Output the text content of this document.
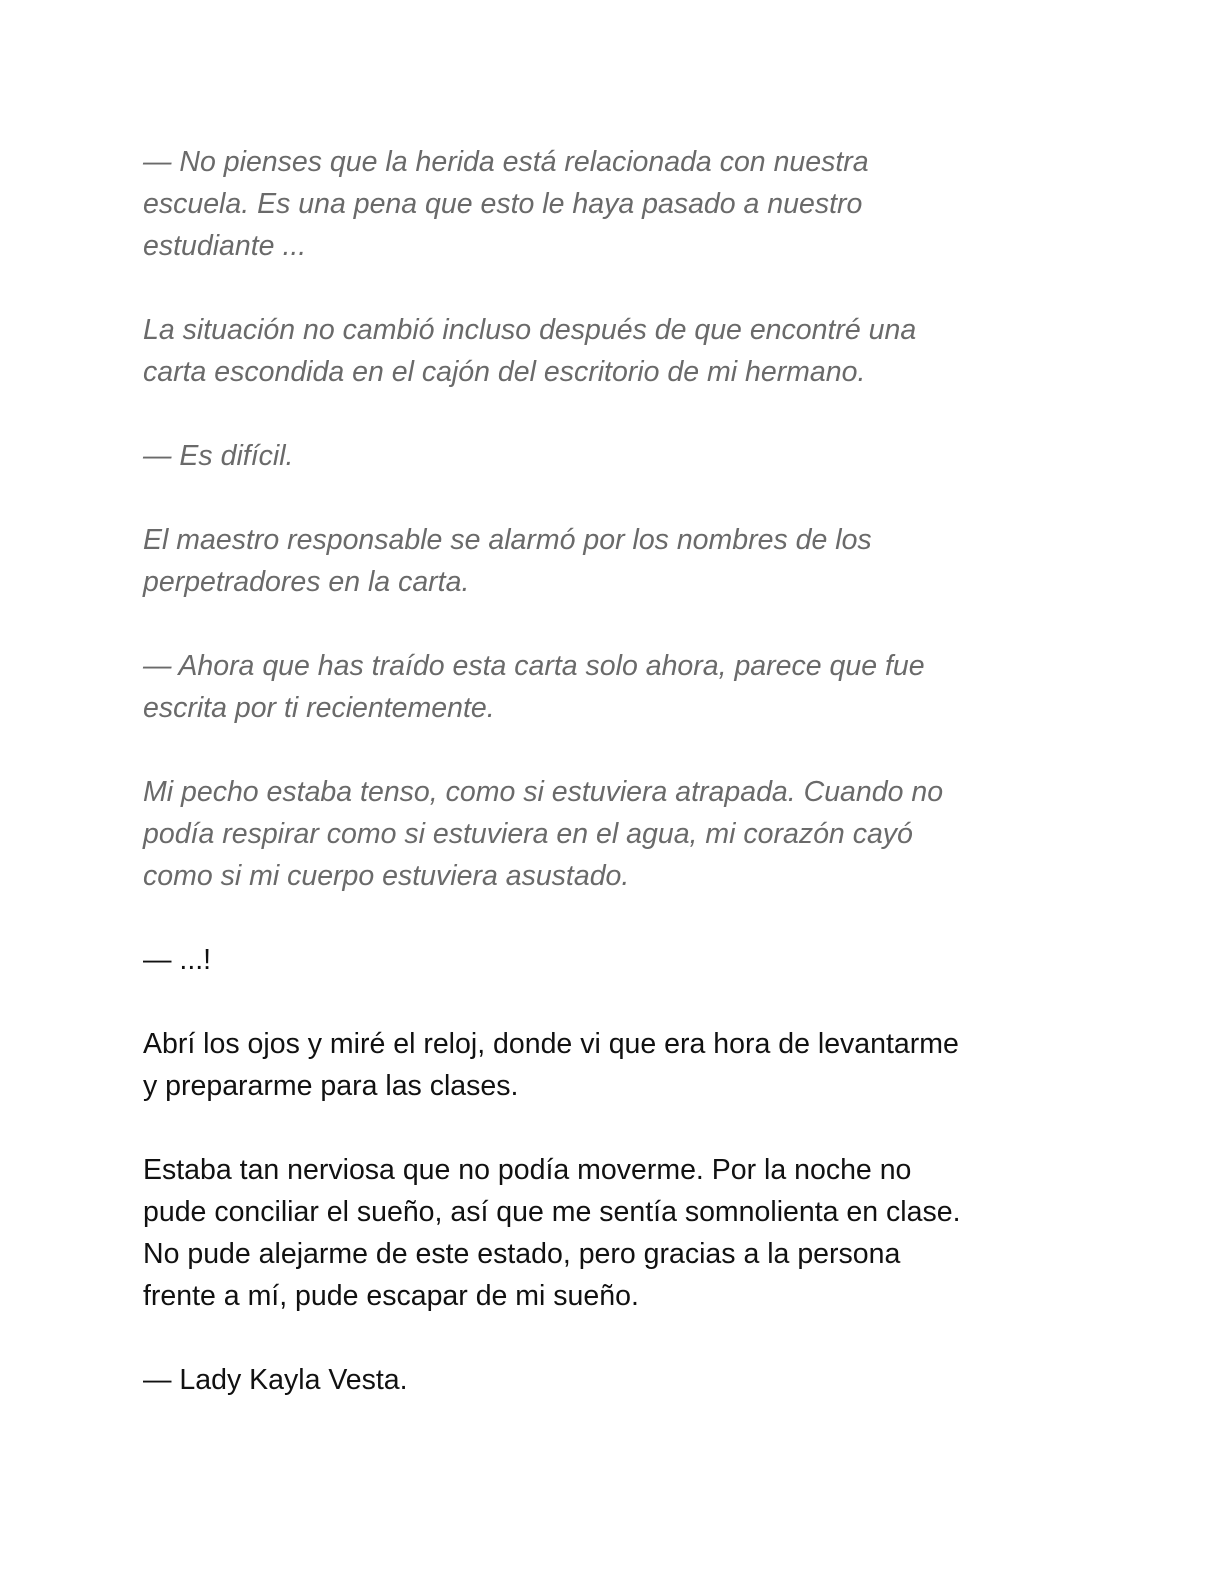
— No pienses que la herida está relacionada con nuestra
escuela. Es una pena que esto le haya pasado a nuestro
estudiante ...

La situación no cambió incluso después de que encontré una
carta escondida en el cajón del escritorio de mi hermano.

— Es difícil.

El maestro responsable se alarmó por los nombres de los
perpetradores en la carta.

— Ahora que has traído esta carta solo ahora, parece que fue
escrita por ti recientemente.

Mi pecho estaba tenso, como si estuviera atrapada. Cuando no
podía respirar como si estuviera en el agua, mi corazón cayó
como si mi cuerpo estuviera asustado.

— ...!

Abrí los ojos y miré el reloj, donde vi que era hora de levantarme
y prepararme para las clases.

Estaba tan nerviosa que no podía moverme. Por la noche no
pude conciliar el sueño, así que me sentía somnolienta en clase.
No pude alejarme de este estado, pero gracias a la persona
frente a mí, pude escapar de mi sueño.

— Lady Kayla Vesta.
